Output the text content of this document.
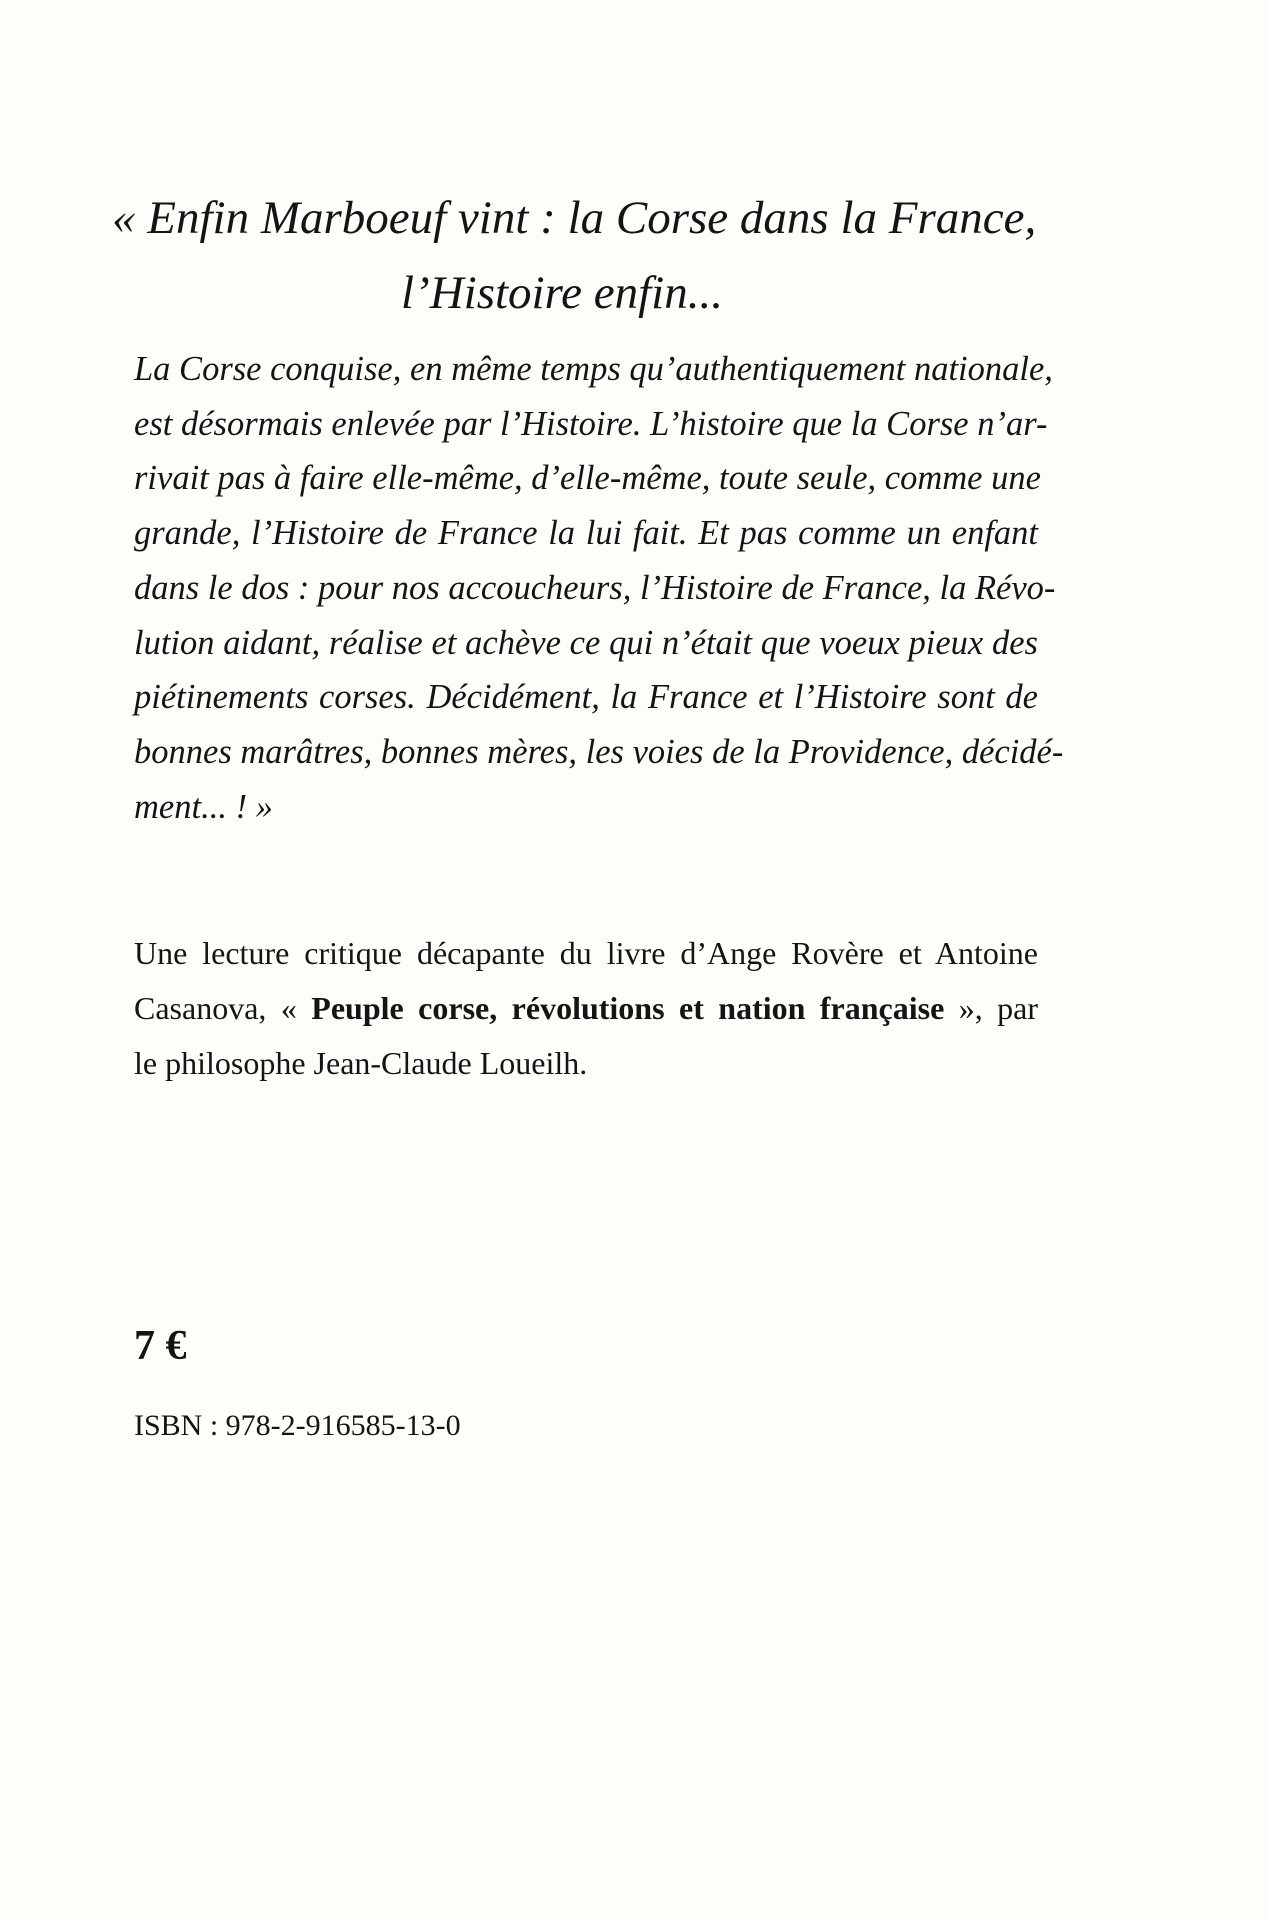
« Enfin Marboeuf vint : la Corse dans la France,
l’Histoire enfin...
La Corse conquise, en même temps qu’authentiquement nationale,
est désormais enlevée par l’Histoire. L’histoire que la Corse n’ar-
rivait pas à faire elle-même, d’elle-même, toute seule, comme une
grande, l’Histoire de France la lui fait. Et pas comme un enfant
dans le dos : pour nos accoucheurs, l’Histoire de France, la Révo-
lution aidant, réalise et achève ce qui n’était que voeux pieux des
piétinements corses. Décidément, la France et l’Histoire sont de
bonnes marâtres, bonnes mères, les voies de la Providence, décidé-
ment... ! »
Une lecture critique décapante du livre d’Ange Rovère et Antoine
Casanova, « Peuple corse, révolutions et nation française », par
le philosophe Jean-Claude Loueilh.
7 €
ISBN : 978-2-916585-13-0
